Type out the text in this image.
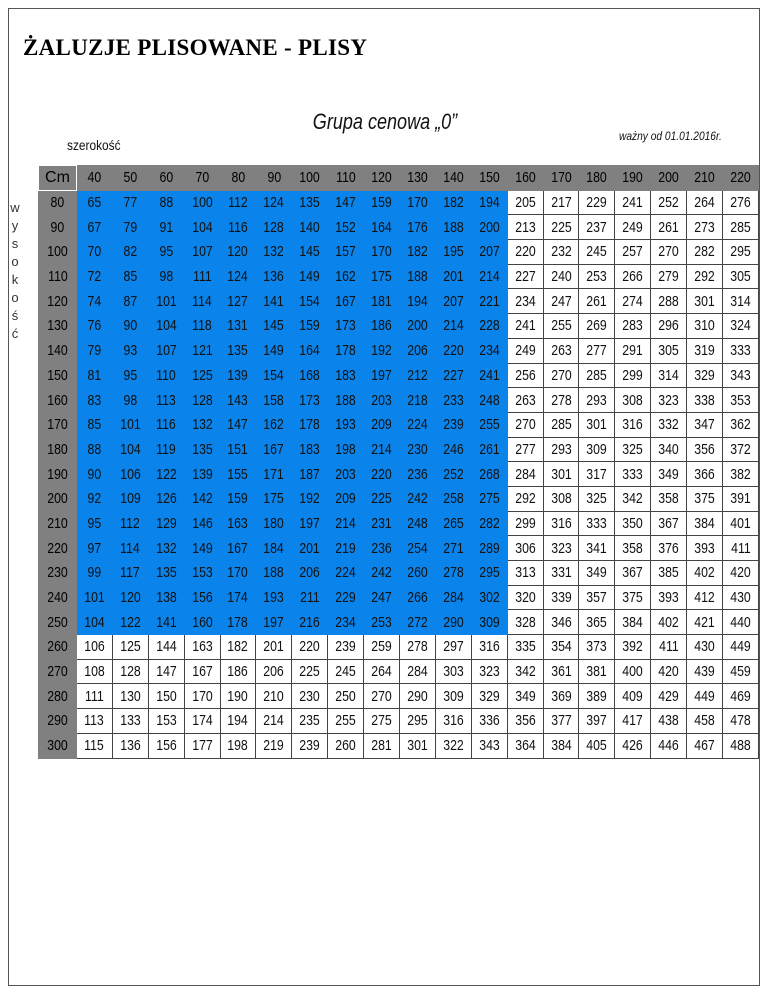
ŻALUZJE PLISOWANE - PLISY
Grupa cenowa „0”
ważny od 01.01.2016r.
szerokość
w
y
s
o
k
o
ś
ć
Cm	40	50	60	70	80	90	100	110	120	130	140	150	160	170	180	190	200	210	220
80	65	77	88	100	112	124	135	147	159	170	182	194	205	217	229	241	252	264	276
90	67	79	91	104	116	128	140	152	164	176	188	200	213	225	237	249	261	273	285
100	70	82	95	107	120	132	145	157	170	182	195	207	220	232	245	257	270	282	295
110	72	85	98	111	124	136	149	162	175	188	201	214	227	240	253	266	279	292	305
120	74	87	101	114	127	141	154	167	181	194	207	221	234	247	261	274	288	301	314
130	76	90	104	118	131	145	159	173	186	200	214	228	241	255	269	283	296	310	324
140	79	93	107	121	135	149	164	178	192	206	220	234	249	263	277	291	305	319	333
150	81	95	110	125	139	154	168	183	197	212	227	241	256	270	285	299	314	329	343
160	83	98	113	128	143	158	173	188	203	218	233	248	263	278	293	308	323	338	353
170	85	101	116	132	147	162	178	193	209	224	239	255	270	285	301	316	332	347	362
180	88	104	119	135	151	167	183	198	214	230	246	261	277	293	309	325	340	356	372
190	90	106	122	139	155	171	187	203	220	236	252	268	284	301	317	333	349	366	382
200	92	109	126	142	159	175	192	209	225	242	258	275	292	308	325	342	358	375	391
210	95	112	129	146	163	180	197	214	231	248	265	282	299	316	333	350	367	384	401
220	97	114	132	149	167	184	201	219	236	254	271	289	306	323	341	358	376	393	411
230	99	117	135	153	170	188	206	224	242	260	278	295	313	331	349	367	385	402	420
240	101	120	138	156	174	193	211	229	247	266	284	302	320	339	357	375	393	412	430
250	104	122	141	160	178	197	216	234	253	272	290	309	328	346	365	384	402	421	440
260	106	125	144	163	182	201	220	239	259	278	297	316	335	354	373	392	411	430	449
270	108	128	147	167	186	206	225	245	264	284	303	323	342	361	381	400	420	439	459
280	111	130	150	170	190	210	230	250	270	290	309	329	349	369	389	409	429	449	469
290	113	133	153	174	194	214	235	255	275	295	316	336	356	377	397	417	438	458	478
300	115	136	156	177	198	219	239	260	281	301	322	343	364	384	405	426	446	467	488
